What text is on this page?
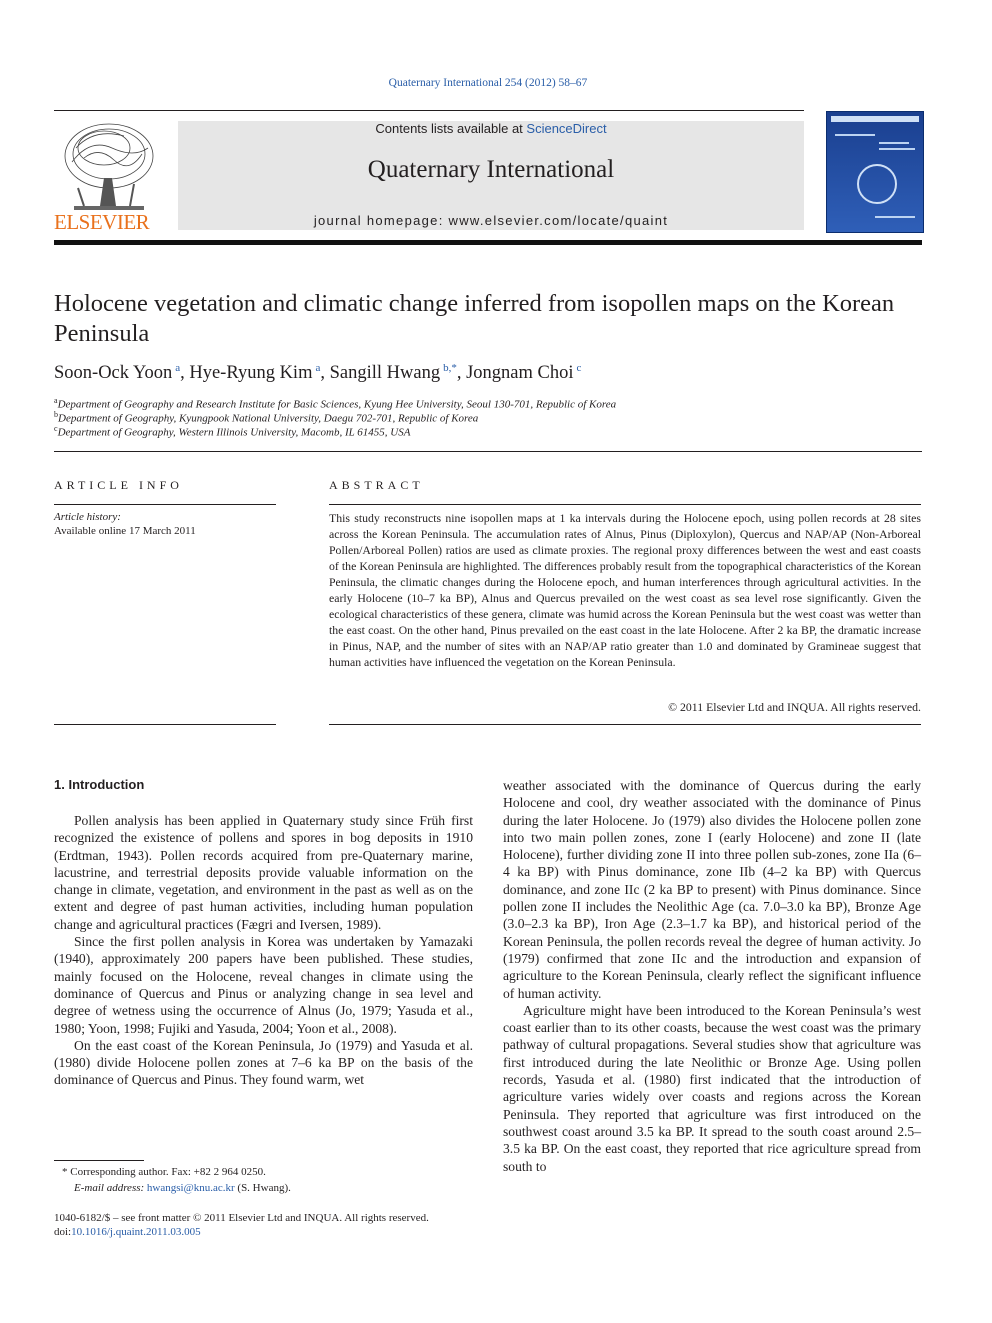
Quaternary International 254 (2012) 58–67
ELSEVIER
Contents lists available at ScienceDirect
Quaternary International
journal homepage: www.elsevier.com/locate/quaint
Holocene vegetation and climatic change inferred from isopollen maps on the Korean Peninsula
Soon-Ock Yoon $^a$, Hye-Ryung Kim $^a$, Sangill Hwang $^{b,*}$, Jongnam Choi $^c$
$^a$Department of Geography and Research Institute for Basic Sciences, Kyung Hee University, Seoul 130-701, Republic of Korea
$^b$Department of Geography, Kyungpook National University, Daegu 702-701, Republic of Korea
$^c$Department of Geography, Western Illinois University, Macomb, IL 61455, USA
ARTICLE INFO
Article history:
Available online 17 March 2011
ABSTRACT
This study reconstructs nine isopollen maps at 1 ka intervals during the Holocene epoch, using pollen records at 28 sites across the Korean Peninsula. The accumulation rates of Alnus, Pinus (Diploxylon), Quercus and NAP/AP (Non-Arboreal Pollen/Arboreal Pollen) ratios are used as climate proxies. The regional proxy differences between the west and east coasts of the Korean Peninsula are highlighted. The differences probably result from the topographical characteristics of the Korean Peninsula, the climatic changes during the Holocene epoch, and human interferences through agricultural activities. In the early Holocene (10–7 ka BP), Alnus and Quercus prevailed on the west coast as sea level rose significantly. Given the ecological characteristics of these genera, climate was humid across the Korean Peninsula but the west coast was wetter than the east coast. On the other hand, Pinus prevailed on the east coast in the late Holocene. After 2 ka BP, the dramatic increase in Pinus, NAP, and the number of sites with an NAP/AP ratio greater than 1.0 and dominated by Gramineae suggest that human activities have influenced the vegetation on the Korean Peninsula.
© 2011 Elsevier Ltd and INQUA. All rights reserved.
1. Introduction

Pollen analysis has been applied in Quaternary study since Früh first recognized the existence of pollens and spores in bog deposits in 1910 (Erdtman, 1943). Pollen records acquired from pre-Quaternary marine, lacustrine, and terrestrial deposits provide valuable information on the change in climate, vegetation, and environment in the past as well as on the extent and degree of past human activities, including human population change and agricultural practices (Fægri and Iversen, 1989).

Since the first pollen analysis in Korea was undertaken by Yamazaki (1940), approximately 200 papers have been published. These studies, mainly focused on the Holocene, reveal changes in climate using the dominance of Quercus and Pinus or analyzing change in sea level and degree of wetness using the occurrence of Alnus (Jo, 1979; Yasuda et al., 1980; Yoon, 1998; Fujiki and Yasuda, 2004; Yoon et al., 2008).

On the east coast of the Korean Peninsula, Jo (1979) and Yasuda et al. (1980) divide Holocene pollen zones at 7–6 ka BP on the basis of the dominance of Quercus and Pinus. They found warm, wet

weather associated with the dominance of Quercus during the early Holocene and cool, dry weather associated with the dominance of Pinus during the later Holocene. Jo (1979) also divides the Holocene pollen zone into two main pollen zones, zone I (early Holocene) and zone II (late Holocene), further dividing zone II into three pollen sub-zones, zone IIa (6–4 ka BP) with Pinus dominance, zone IIb (4–2 ka BP) with Quercus dominance, and zone IIc (2 ka BP to present) with Pinus dominance. Since pollen zone II includes the Neolithic Age (ca. 7.0–3.0 ka BP), Bronze Age (3.0–2.3 ka BP), Iron Age (2.3–1.7 ka BP), and historical period of the Korean Peninsula, the pollen records reveal the degree of human activity. Jo (1979) confirmed that zone IIc and the introduction and expansion of agriculture to the Korean Peninsula, clearly reflect the significant influence of human activity.

Agriculture might have been introduced to the Korean Peninsula’s west coast earlier than to its other coasts, because the west coast was the primary pathway of cultural propagations. Several studies show that agriculture was first introduced during the late Neolithic or Bronze Age. Using pollen records, Yasuda et al. (1980) first indicated that the introduction of agriculture varies widely over coasts and regions across the Korean Peninsula. They reported that agriculture was first introduced on the southwest coast around 3.5 ka BP. It spread to the south coast around 2.5–3.5 ka BP. On the east coast, they reported that rice agriculture spread from south to

* Corresponding author. Fax: +82 2 964 0250.
E-mail address: hwangsi@knu.ac.kr (S. Hwang).
1040-6182/$ – see front matter © 2011 Elsevier Ltd and INQUA. All rights reserved.
doi:10.1016/j.quaint.2011.03.005
